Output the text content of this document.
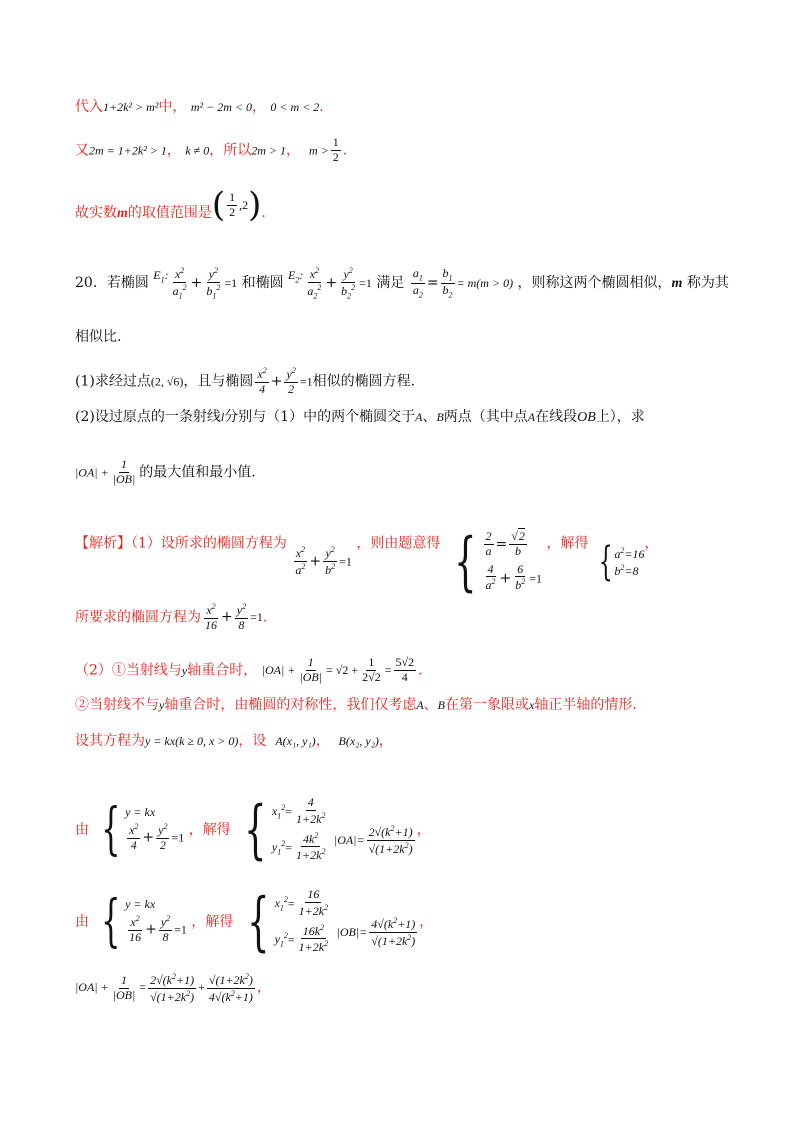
代入1+2k² > m²中， m² − 2m < 0， 0 < m < 2.
又2m = 1+2k² > 1， k ≠ 0，所以2m > 1， $m > \frac{1}{2}$ .
故实数m的取值范围是 ( $\frac{1}{2} ,2$ ) .
20．若椭圆 $E_1$: $\frac{x^2}{a_1^2} + \frac{y^2}{b_1^2} =1$ 和椭圆 $E_2$: $\frac{x^2}{a_2^2} + \frac{y^2}{b_2^2} =1$ 满足 $\frac{a_1}{a_2} = \frac{b_1}{b_2} = m(m > 0)$ ，则称这两个椭圆相似，m 称为其
相似比.
(1)求经过点(2, √6)，且与椭圆 $\frac{x^2}{4} + \frac{y^2}{2} =1$相似的椭圆方程.
(2)设过原点的一条射线l分别与（1）中的两个椭圆交于A、B两点（其中点A在线段OB上），求
$|OA| + \frac{1}{|OB|}$ 的最大值和最小值.
【解析】（1）设所求的椭圆方程为
$\frac{x^2}{a^2} + \frac{y^2}{b^2} =1$ ，则由题意得 { $\frac{2}{a} = \frac{√2}{b}$
$\frac{4}{a^2} + \frac{6}{b^2} =1$
，解得 { $a^2=16$
$b^2=8$
，
所要求的椭圆方程为 $\frac{x^2}{16} + \frac{y^2}{8} =1$.
（2）①当射线与y轴重合时， $|OA| + \frac{1}{|OB|} = √2 + \frac{1}{2√2} = \frac{5√2}{4}$ .
②当射线不与y轴重合时，由椭圆的对称性，我们仅考虑A、B在第一象限或x轴正半轴的情形.
设其方程为y = kx(k ≥ 0, x > 0)，设 A(x₁, y₁)，  B(x₂, y₂)，
由 { y = kx
$\frac{x^2}{4} + \frac{y^2}{2} =1$ ，解得 { $x_1^2= \frac{4}{1+2k^2}$
$y_1^2= \frac{4k^2}{1+2k^2} _{|OA|= \frac{2√(k^2+1)}{√(1+2k^2)}}$ ，
由 { y = kx
$\frac{x^2}{16} + \frac{y^2}{8} =1$ ，解得 { $x_1^2= \frac{16}{1+2k^2}$
$y_1^2= \frac{16k^2}{1+2k^2} _{|OB|= \frac{4√(k^2+1)}{√(1+2k^2)}}$ ，
$|OA| + \frac{1}{|OB|} = \frac{2√(k^2+1)}{√(1+2k^2)} + \frac{√(1+2k^2)}{4√(k^2+1)}$ ，
